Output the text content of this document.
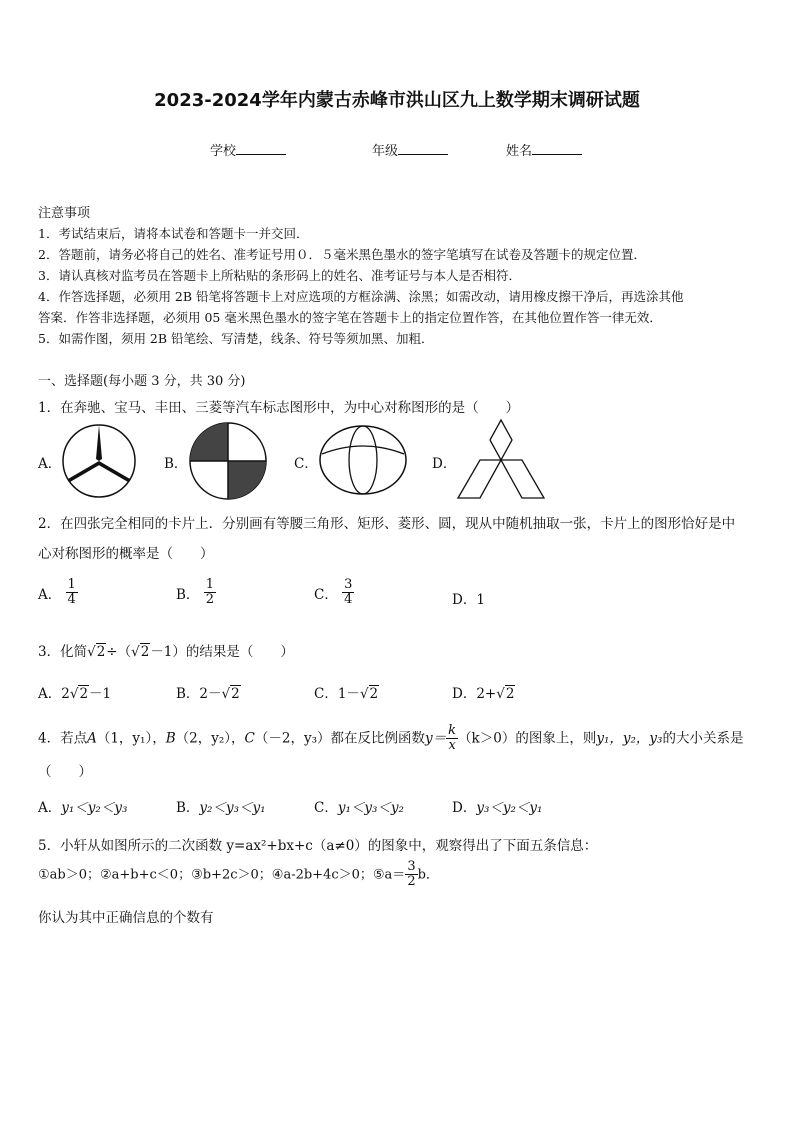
2023-2024学年内蒙古赤峰市洪山区九上数学期末调研试题
学校	年级	姓名
注意事项
1．考试结束后，请将本试卷和答题卡一并交回．
2．答题前，请务必将自己的姓名、准考证号用０．５毫米黑色墨水的签字笔填写在试卷及答题卡的规定位置．
3．请认真核对监考员在答题卡上所粘贴的条形码上的姓名、准考证号与本人是否相符．
4．作答选择题，必须用 2B 铅笔将答题卡上对应选项的方框涂满、涂黑；如需改动，请用橡皮擦干净后，再选涂其他
答案．作答非选择题，必须用 05 毫米黑色墨水的签字笔在答题卡上的指定位置作答，在其他位置作答一律无效．
5．如需作图，须用 2B 铅笔绘、写清楚，线条、符号等须加黑、加粗．
一、选择题(每小题 3 分，共 30 分)
1．在奔驰、宝马、丰田、三菱等汽车标志图形中，为中心对称图形的是（　　）
A．	B．	C．	D．
2．在四张完全相同的卡片上．分别画有等腰三角形、矩形、菱形、圆，现从中随机抽取一张，卡片上的图形恰好是中
心对称图形的概率是（　　）
A． $\frac{1}{4}$	B． $\frac{1}{2}$	C． $\frac{3}{4}$	D．1
3．化简√2÷（√2－1）的结果是（　　）
A．2√2－1	B．2－√2	C．1－√2	D．2+√2
4．若点A（1，y₁），B（2，y₂），C（－2，y₃）都在反比例函数$y= \frac{k}{x} (k>0)$的图象上，则y₁，y₂，y₃的大小关系是
（　　）
A．y₁＜y₂＜y₃	B．y₂＜y₃＜y₁	C．y₁＜y₃＜y₂	D．y₃＜y₂＜y₁
5．小轩从如图所示的二次函数 y=ax²+bx+c（a≠0）的图象中，观察得出了下面五条信息：
①ab＞0；②a+b+c＜0；③b+2c＞0；④a-2b+4c＞0；⑤a＝ $\frac{3}{2}$ b．
你认为其中正确信息的个数有
